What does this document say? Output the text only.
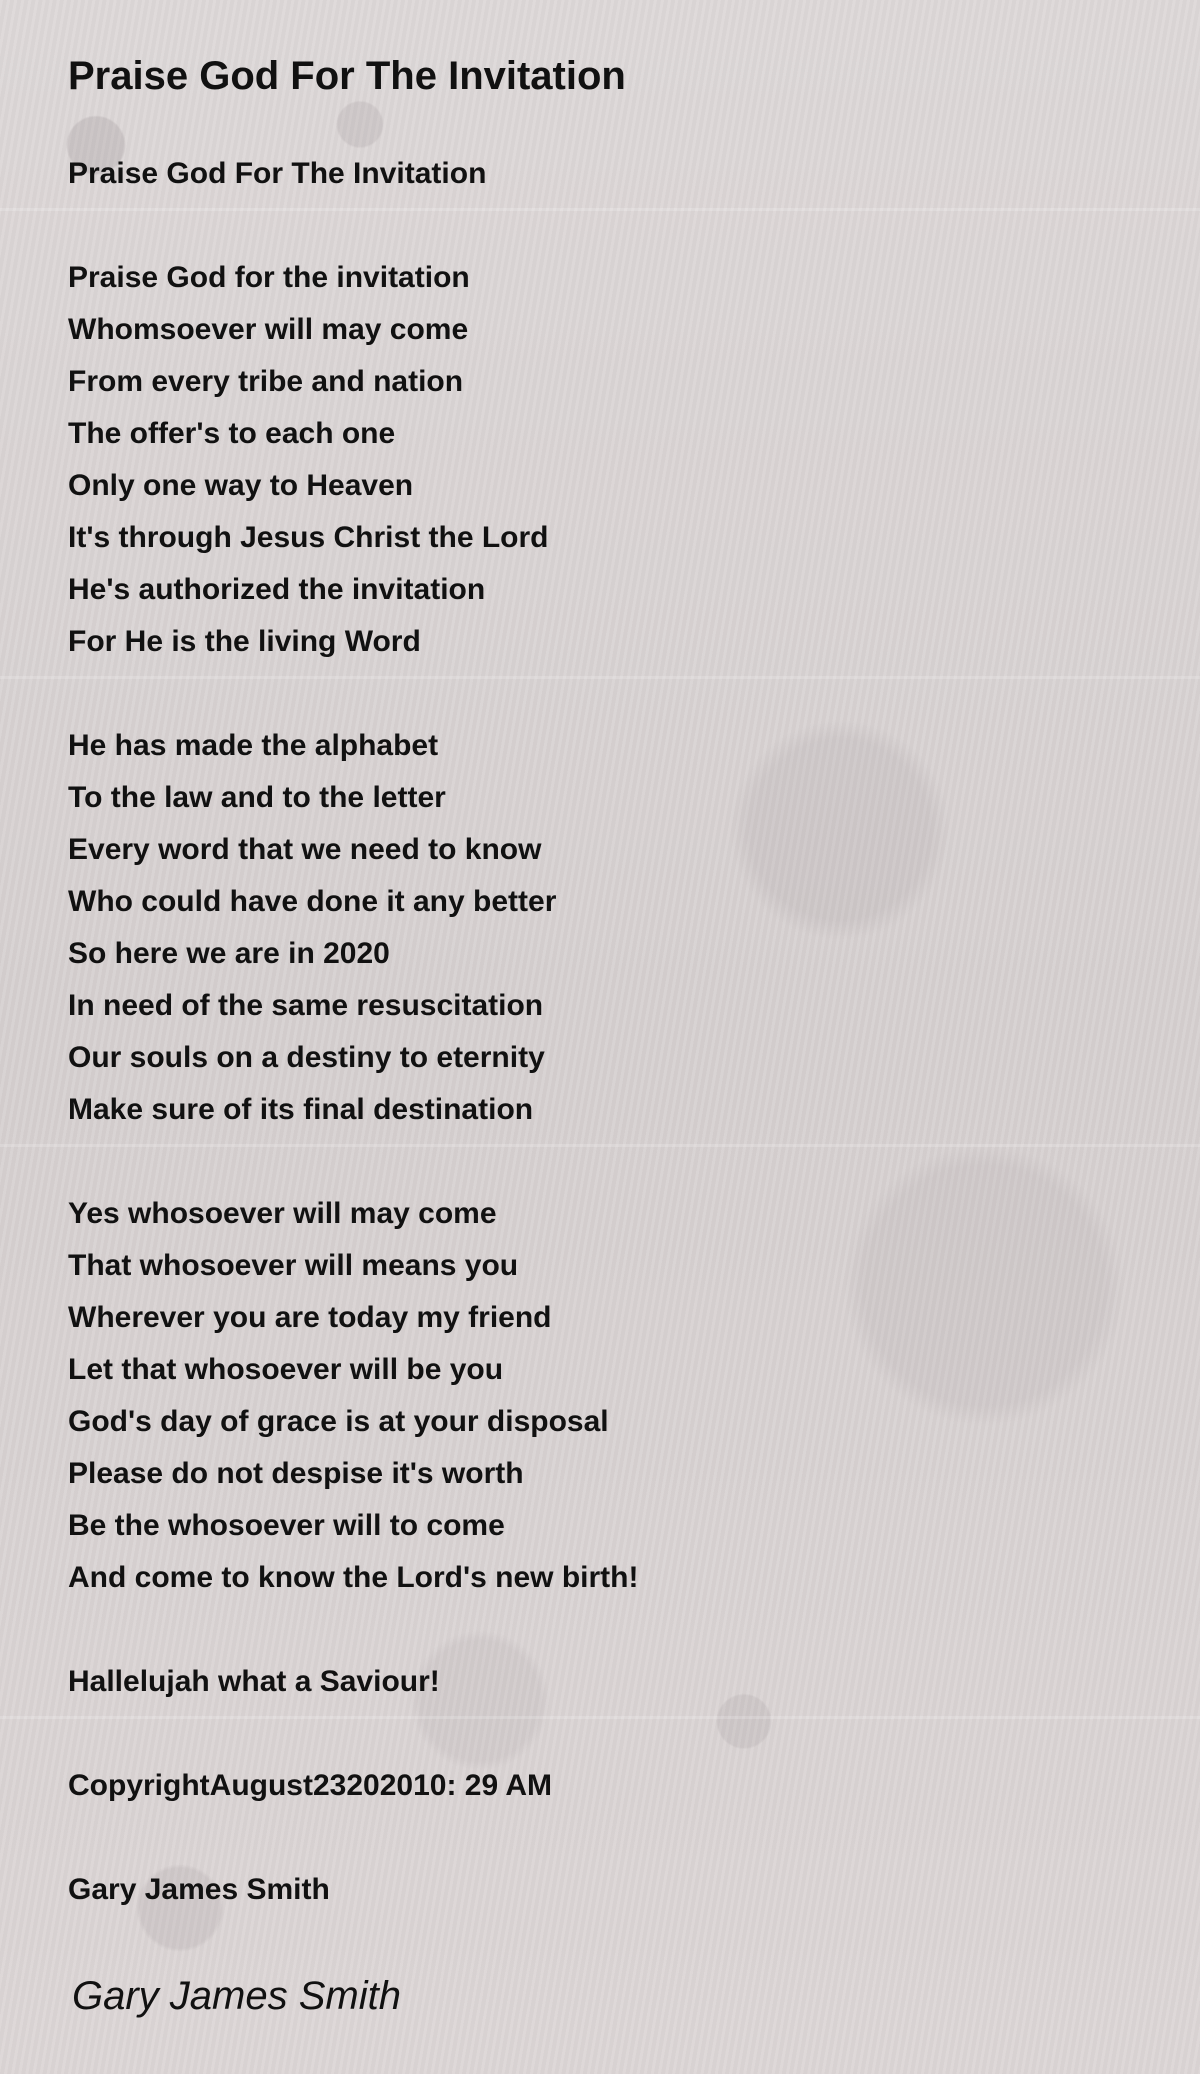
Praise God For The Invitation
Praise God For The Invitation
Praise God for the invitation
Whomsoever will may come
From every tribe and nation
The offer's to each one
Only one way to Heaven
It's through Jesus Christ the Lord
He's authorized the invitation
For He is the living Word
He has made the alphabet
To the law and to the letter
Every word that we need to know
Who could have done it any better
So here we are in 2020
In need of the same resuscitation
Our souls on a destiny to eternity
Make sure of its final destination
Yes whosoever will may come
That whosoever will means you
Wherever you are today my friend
Let that whosoever will be you
God's day of grace is at your disposal
Please do not despise it's worth
Be the whosoever will to come
And come to know the Lord's new birth!
Hallelujah what a Saviour!
CopyrightAugust23202010: 29 AM
Gary James Smith
Gary James Smith
